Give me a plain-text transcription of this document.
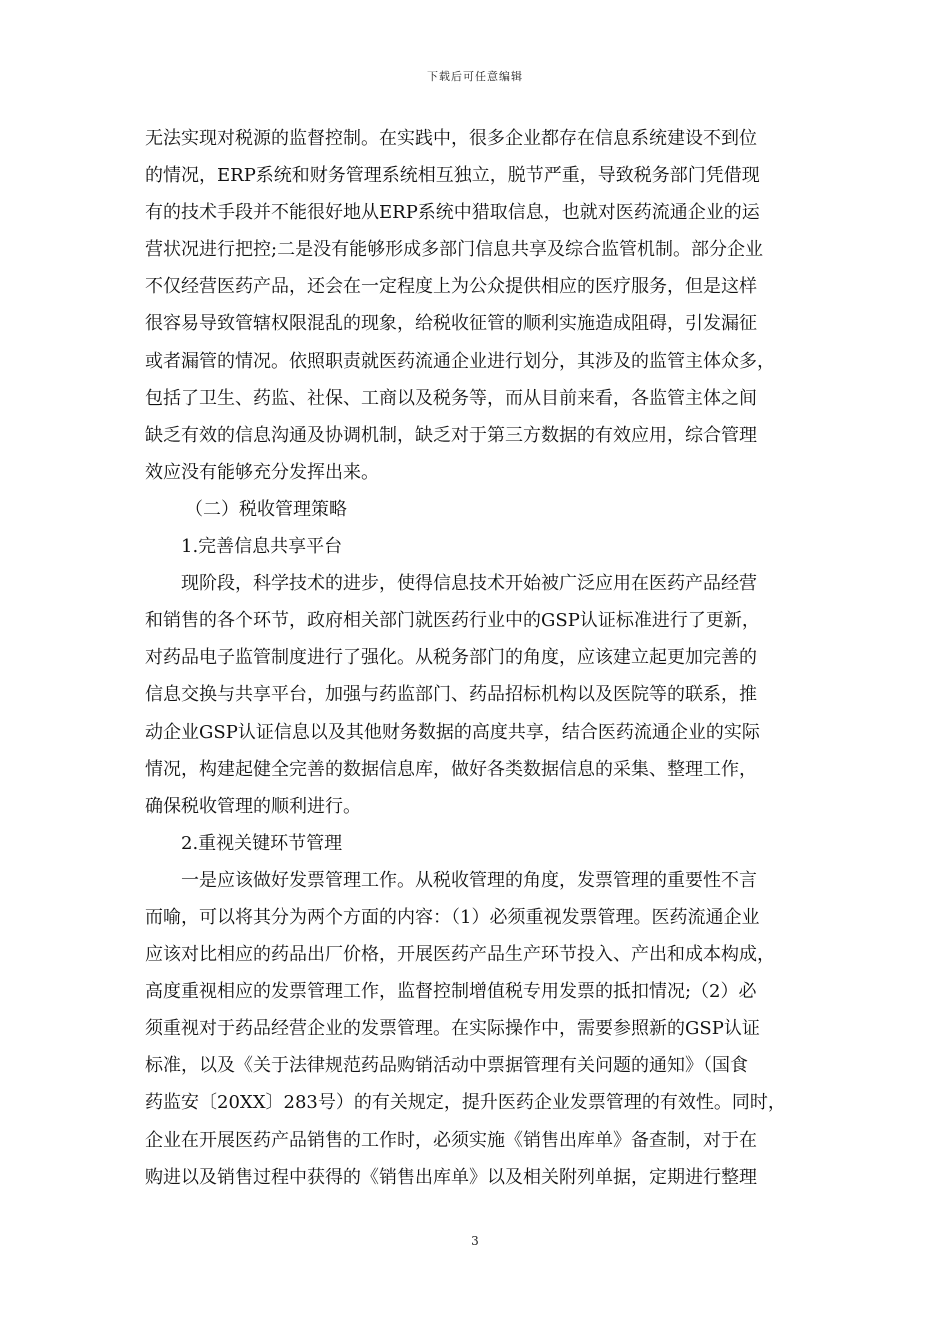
下载后可任意编辑
无法实现对税源的监督控制。在实践中，很多企业都存在信息系统建设不到位
的情况，ERP系统和财务管理系统相互独立，脱节严重，导致税务部门凭借现
有的技术手段并不能很好地从ERP系统中猎取信息，也就对医药流通企业的运
营状况进行把控;二是没有能够形成多部门信息共享及综合监管机制。部分企业
不仅经营医药产品，还会在一定程度上为公众提供相应的医疗服务，但是这样
很容易导致管辖权限混乱的现象，给税收征管的顺利实施造成阻碍，引发漏征
或者漏管的情况。依照职责就医药流通企业进行划分，其涉及的监管主体众多，
包括了卫生、药监、社保、工商以及税务等，而从目前来看，各监管主体之间
缺乏有效的信息沟通及协调机制，缺乏对于第三方数据的有效应用，综合管理
效应没有能够充分发挥出来。
（二）税收管理策略
1.完善信息共享平台
现阶段，科学技术的进步，使得信息技术开始被广泛应用在医药产品经营
和销售的各个环节，政府相关部门就医药行业中的GSP认证标准进行了更新，
对药品电子监管制度进行了强化。从税务部门的角度，应该建立起更加完善的
信息交换与共享平台，加强与药监部门、药品招标机构以及医院等的联系，推
动企业GSP认证信息以及其他财务数据的高度共享，结合医药流通企业的实际
情况，构建起健全完善的数据信息库，做好各类数据信息的采集、整理工作，
确保税收管理的顺利进行。
2.重视关键环节管理
一是应该做好发票管理工作。从税收管理的角度，发票管理的重要性不言
而喻，可以将其分为两个方面的内容：（1）必须重视发票管理。医药流通企业
应该对比相应的药品出厂价格，开展医药产品生产环节投入、产出和成本构成，
高度重视相应的发票管理工作，监督控制增值税专用发票的抵扣情况;（2）必
须重视对于药品经营企业的发票管理。在实际操作中，需要参照新的GSP认证
标准，以及《关于法律规范药品购销活动中票据管理有关问题的通知》（国食
药监安〔20XX〕283号）的有关规定，提升医药企业发票管理的有效性。同时，
企业在开展医药产品销售的工作时，必须实施《销售出库单》备查制，对于在
购进以及销售过程中获得的《销售出库单》以及相关附列单据，定期进行整理
3
